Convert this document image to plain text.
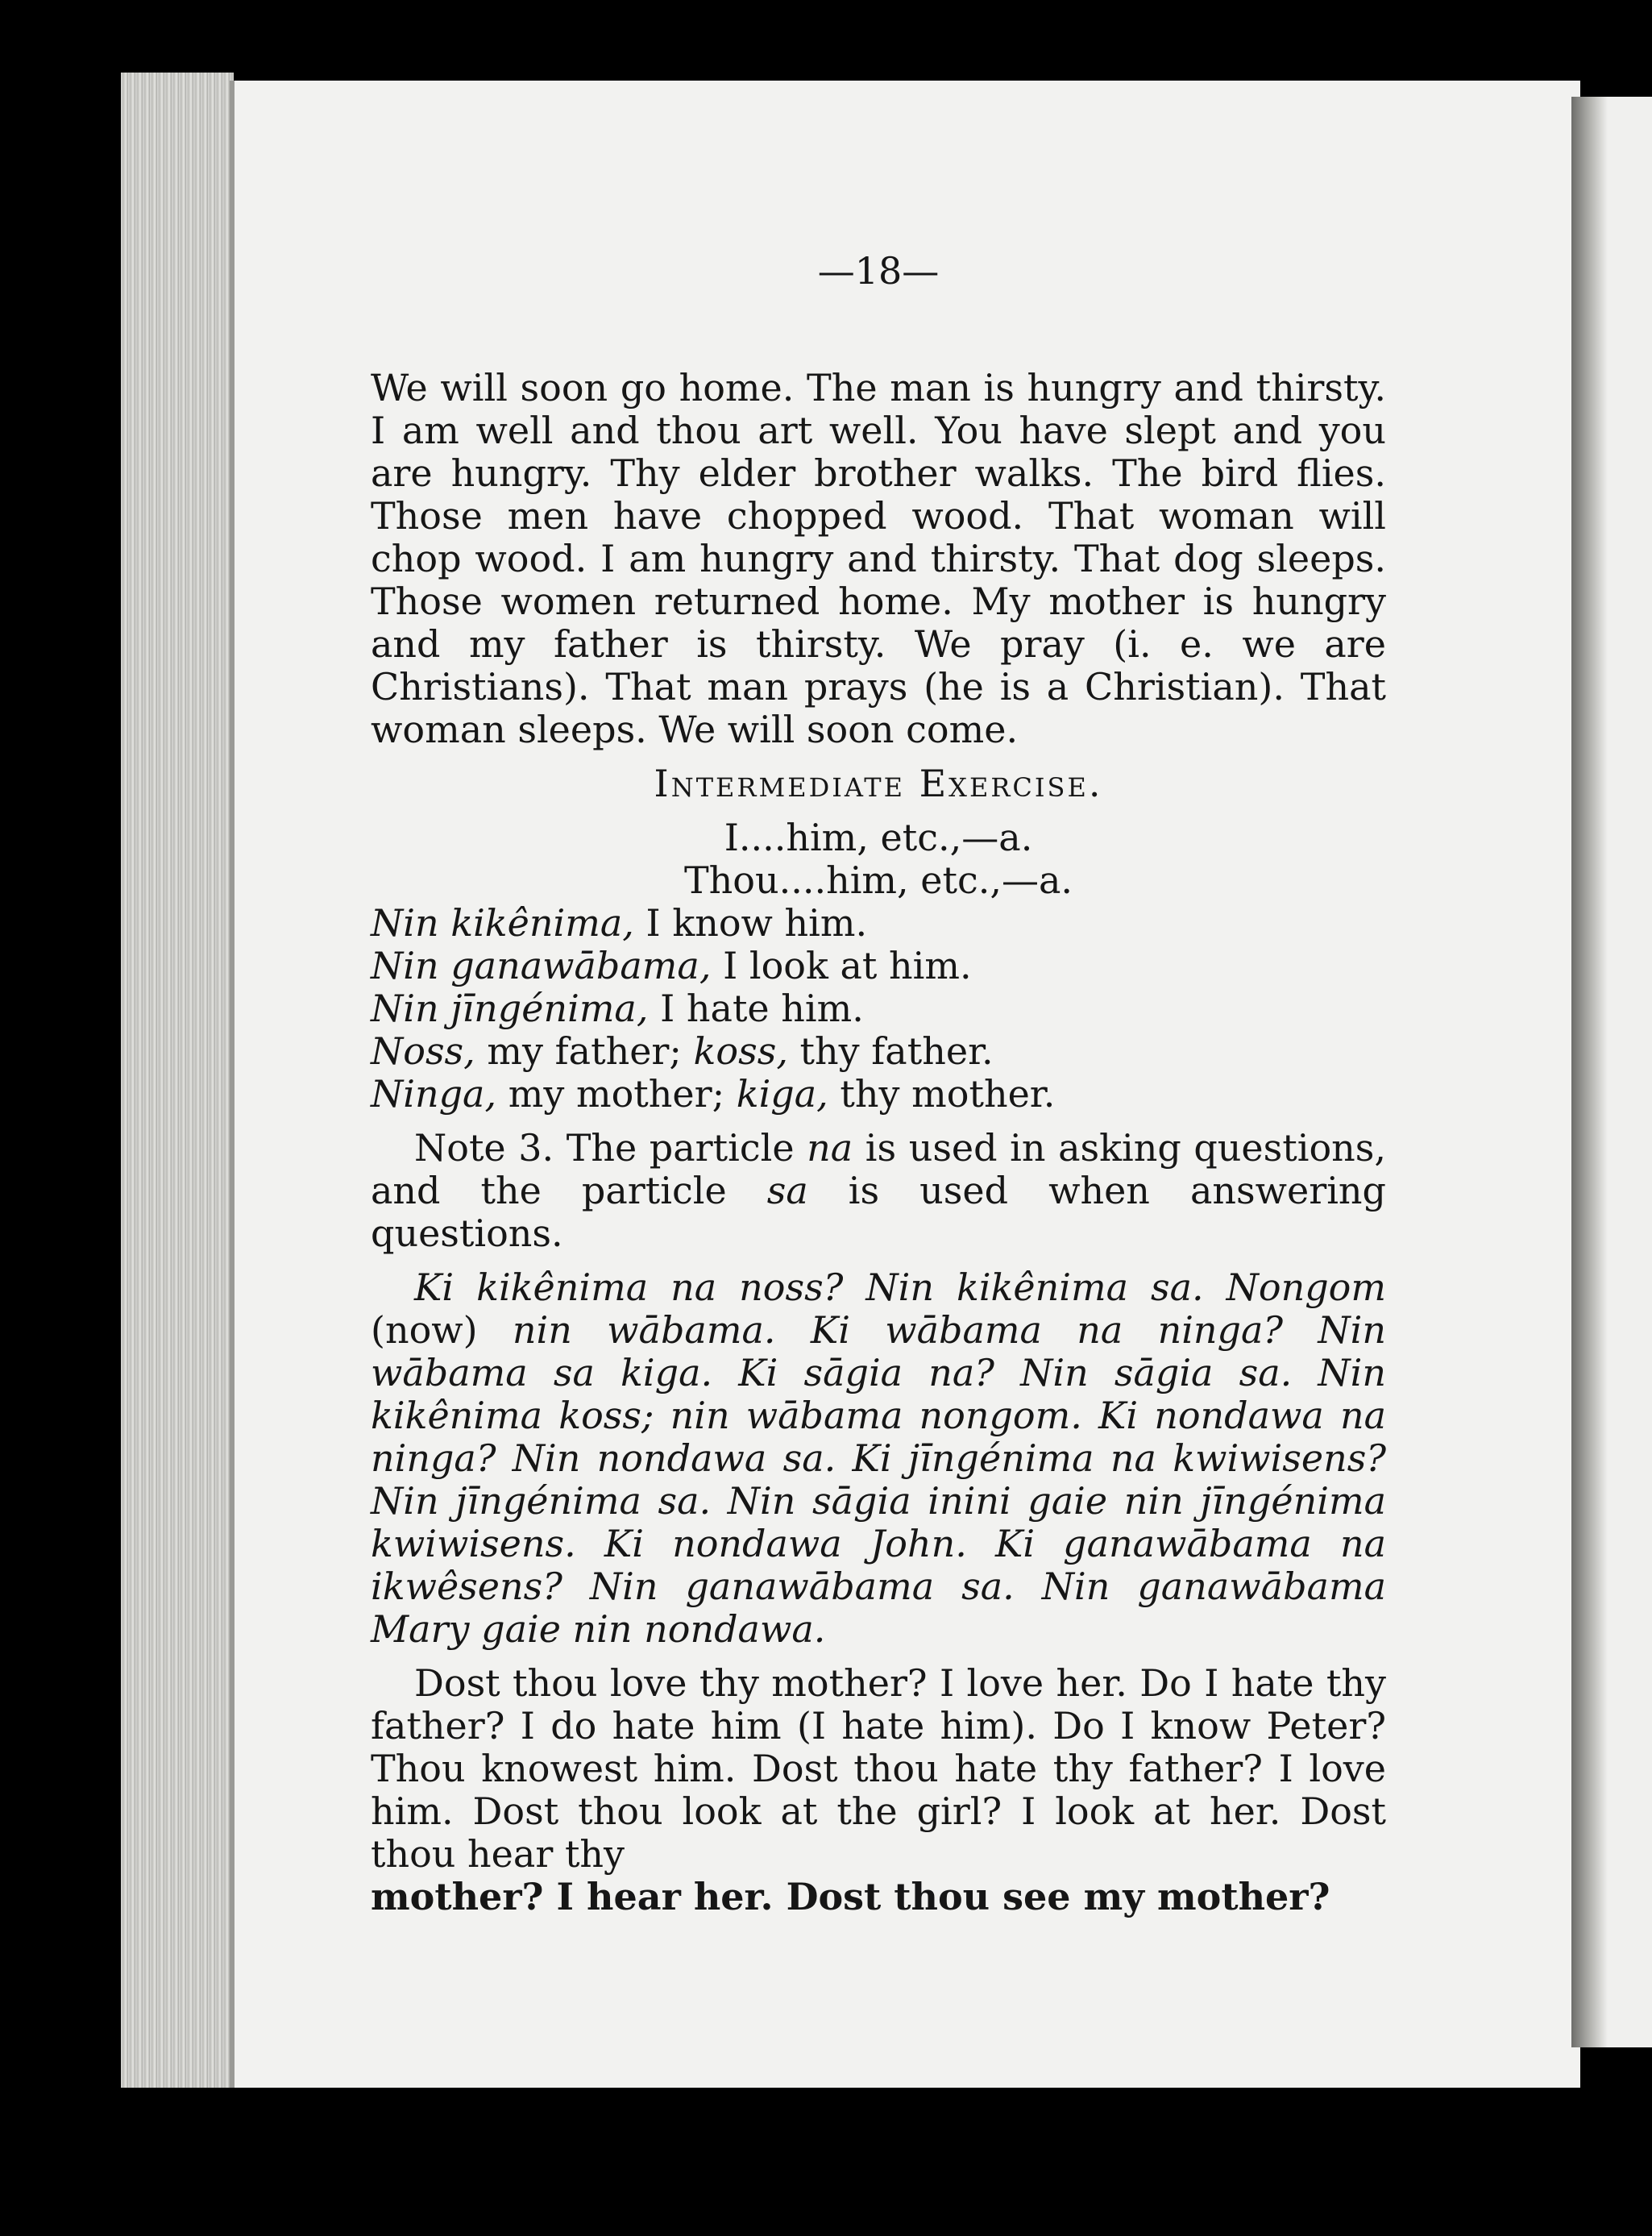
—18—

We will soon go home. The man is hungry and thirsty. I am well and thou art well. You have slept and you are hungry. Thy elder brother walks. The bird flies. Those men have chopped wood. That woman will chop wood. I am hungry and thirsty. That dog sleeps. Those women returned home. My mother is hungry and my father is thirsty. We pray (i. e. we are Christians). That man prays (he is a Christian). That woman sleeps. We will soon come.

Intermediate Exercise.

I....him, etc.,—a.

Thou....him, etc.,—a.

Nin kikênima, I know him.

Nin ganawābama, I look at him.

Nin jīngénima, I hate him.

Noss, my father; koss, thy father.

Ninga, my mother; kiga, thy mother.

Note 3. The particle na is used in asking questions, and the particle sa is used when answering questions.

Ki kikênima na noss? Nin kikênima sa. Nongom (now) nin wābama. Ki wābama na ninga? Nin wābama sa kiga. Ki sāgia na? Nin sāgia sa. Nin kikênima koss; nin wābama nongom. Ki nondawa na ninga? Nin nondawa sa. Ki jīngénima na kwiwisens? Nin jīngénima sa. Nin sāgia inini gaie nin jīngénima kwiwisens. Ki nondawa John. Ki ganawābama na ikwêsens? Nin ganawābama sa. Nin ganawābama Mary gaie nin nondawa.

Dost thou love thy mother? I love her. Do I hate thy father? I do hate him (I hate him). Do I know Peter? Thou knowest him. Dost thou hate thy father? I love him. Dost thou look at the girl? I look at her. Dost thou hear thy

mother? I hear her. Dost thou see my mother?
